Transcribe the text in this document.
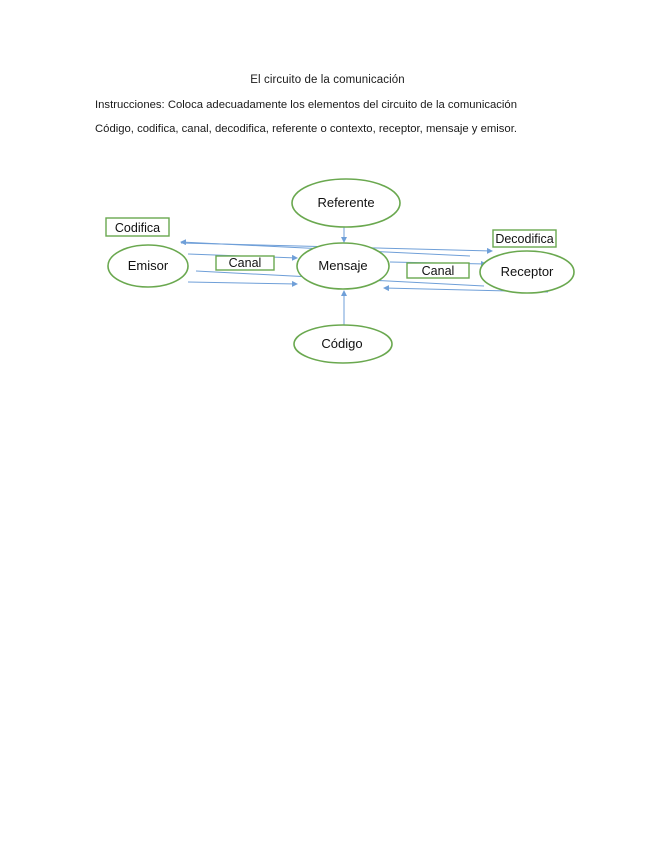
El circuito de la comunicación
Instrucciones: Coloca adecuadamente los elementos del circuito de la comunicación
Código, codifica, canal, decodifica, referente o contexto, receptor, mensaje y emisor.
Referente
Emisor	Mensaje	Receptor
Código
Codifica
Decodifica
Canal
Canal
